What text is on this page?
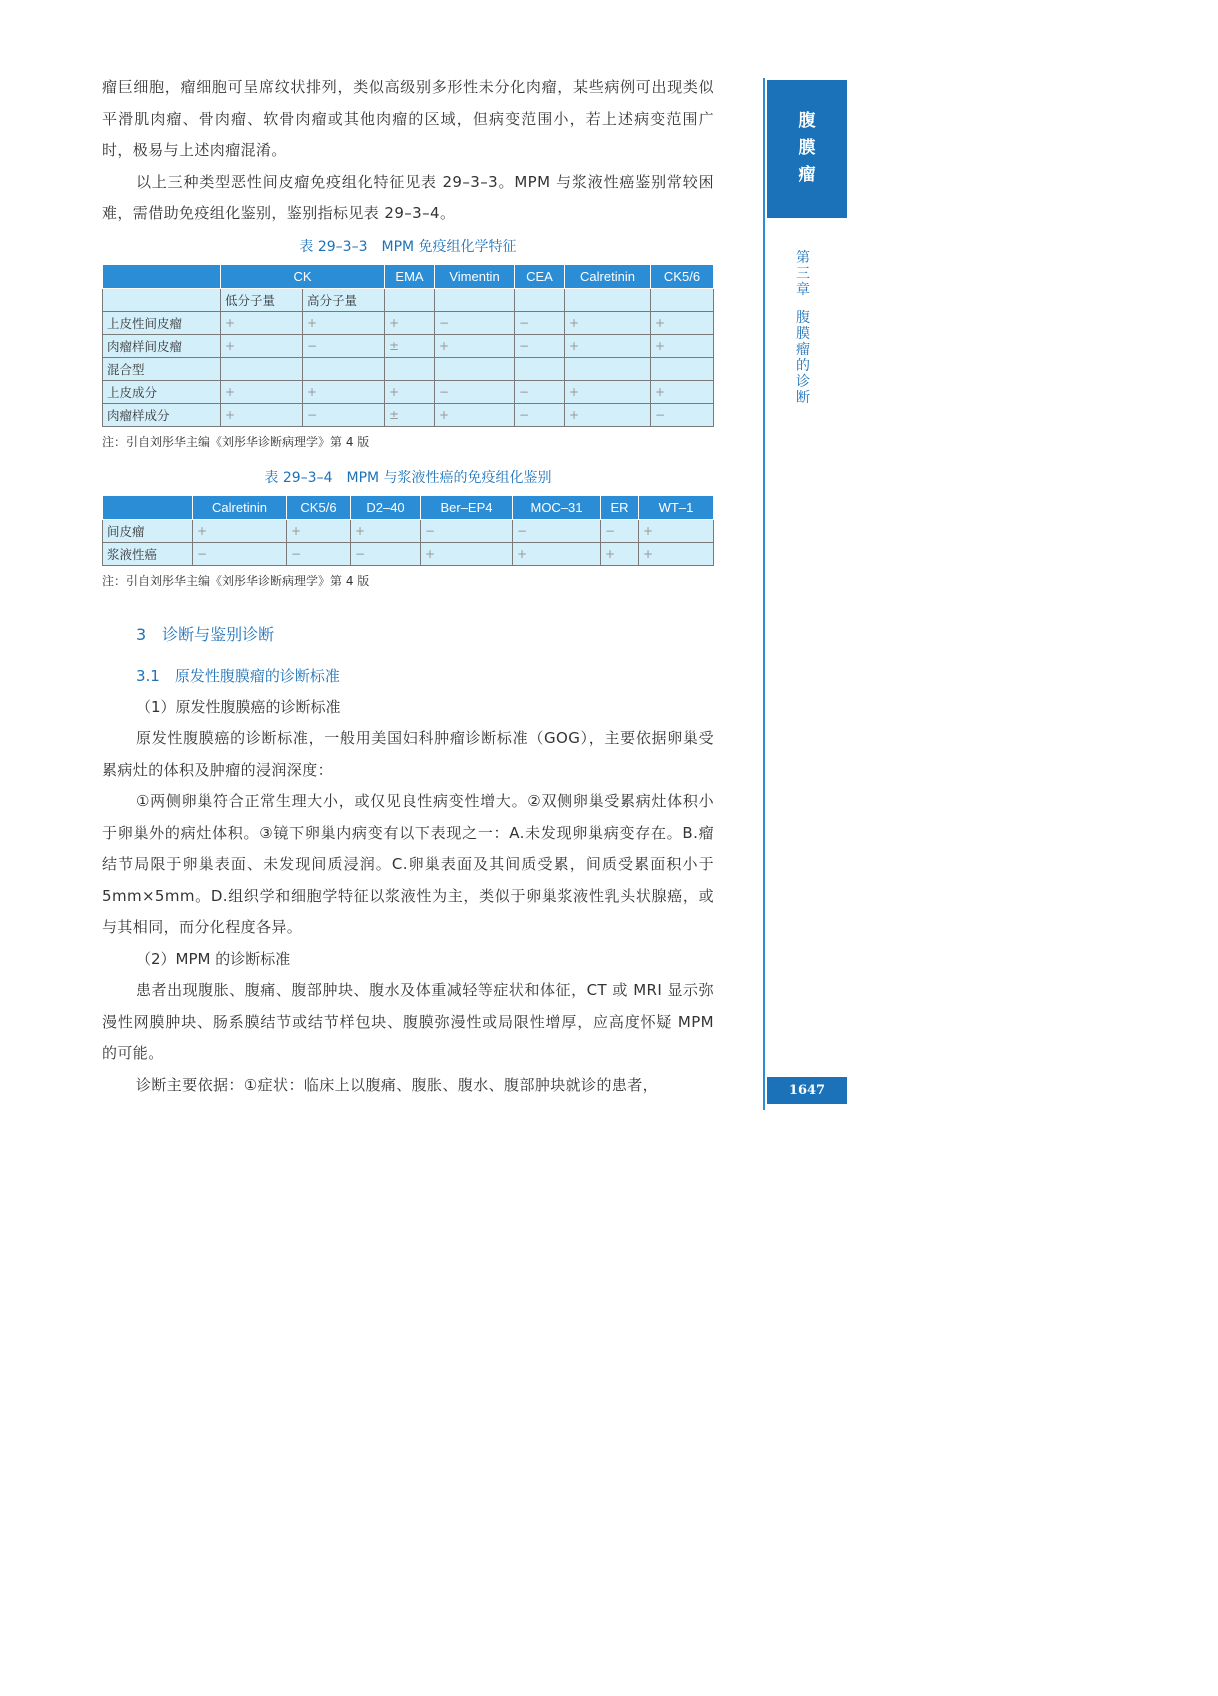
瘤巨细胞，瘤细胞可呈席纹状排列，类似高级别多形性未分化肉瘤，某些病例可出现类似平滑肌肉瘤、骨肉瘤、软骨肉瘤或其他肉瘤的区域，但病变范围小，若上述病变范围广时，极易与上述肉瘤混淆。

以上三种类型恶性间皮瘤免疫组化特征见表 29–3–3。MPM 与浆液性癌鉴别常较困难，需借助免疫组化鉴别，鉴别指标见表 29–3–4。

表 29–3–3　MPM 免疫组化学特征

	CK		EMA	Vimentin	CEA	Calretinin	CK5/6
	低分子量	高分子量					
上皮性间皮瘤	+	+	+	−	−	+	+
肉瘤样间皮瘤	+	−	±	+	−	+	+
混合型							
上皮成分	+	+	+	−	−	+	+
肉瘤样成分	+	−	±	+	−	+	−

注：引自刘彤华主编《刘彤华诊断病理学》第 4 版

表 29–3–4　MPM 与浆液性癌的免疫组化鉴别

	Calretinin	CK5/6	D2–40	Ber–EP4	MOC–31	ER	WT–1
间皮瘤	+	+	+	−	−	−	+
浆液性癌	−	−	−	+	+	+	+

注：引自刘彤华主编《刘彤华诊断病理学》第 4 版

3　诊断与鉴别诊断

3.1　原发性腹膜瘤的诊断标准

（1）原发性腹膜癌的诊断标准

原发性腹膜癌的诊断标准，一般用美国妇科肿瘤诊断标准（GOG），主要依据卵巢受累病灶的体积及肿瘤的浸润深度：

①两侧卵巢符合正常生理大小，或仅见良性病变性增大。②双侧卵巢受累病灶体积小于卵巢外的病灶体积。③镜下卵巢内病变有以下表现之一：A.未发现卵巢病变存在。B.瘤结节局限于卵巢表面、未发现间质浸润。C.卵巢表面及其间质受累，间质受累面积小于 5mm×5mm。D.组织学和细胞学特征以浆液性为主，类似于卵巢浆液性乳头状腺癌，或与其相同，而分化程度各异。

（2）MPM 的诊断标准

患者出现腹胀、腹痛、腹部肿块、腹水及体重减轻等症状和体征，CT 或 MRI 显示弥漫性网膜肿块、肠系膜结节或结节样包块、腹膜弥漫性或局限性增厚，应高度怀疑 MPM 的可能。

诊断主要依据：①症状：临床上以腹痛、腹胀、腹水、腹部肿块就诊的患者，

腹
膜
瘤
第
三
章
腹
膜
瘤
的
诊
断
1647
